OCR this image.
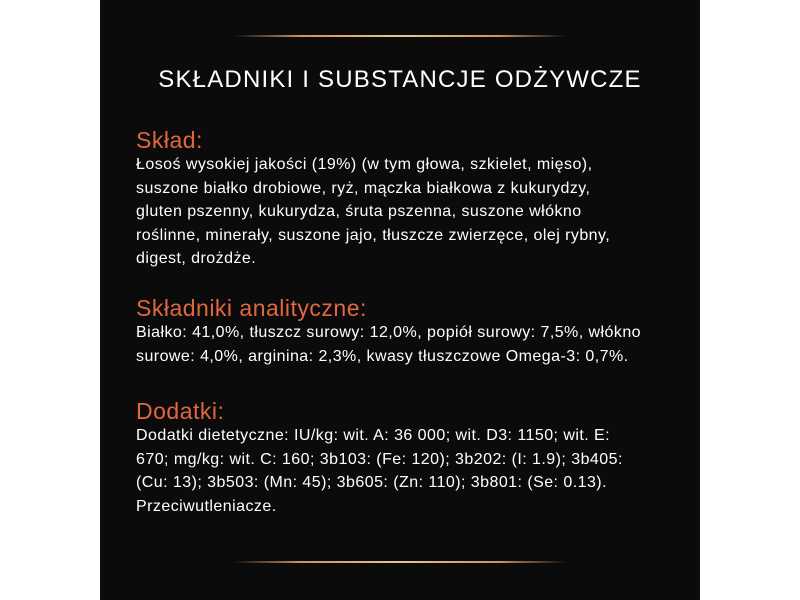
SKŁADNIKI I SUBSTANCJE ODŻYWCZE
Skład:

Łosoś wysokiej jakości (19%) (w tym głowa, szkielet, mięso),
suszone białko drobiowe, ryż, mączka białkowa z kukurydzy,
gluten pszenny, kukurydza, śruta pszenna, suszone włókno
roślinne, minerały, suszone jajo, tłuszcze zwierzęce, olej rybny,
digest, drożdże.

Składniki analityczne:

Białko: 41,0%, tłuszcz surowy: 12,0%, popiół surowy: 7,5%, włókno
surowe: 4,0%, arginina: 2,3%, kwasy tłuszczowe Omega-3: 0,7%.

Dodatki:

Dodatki dietetyczne: IU/kg: wit. A: 36 000; wit. D3: 1150; wit. E:
670; mg/kg: wit. C: 160; 3b103: (Fe: 120); 3b202: (I: 1.9); 3b405:
(Cu: 13); 3b503: (Mn: 45); 3b605: (Zn: 110); 3b801: (Se: 0.13).
Przeciwutleniacze.
